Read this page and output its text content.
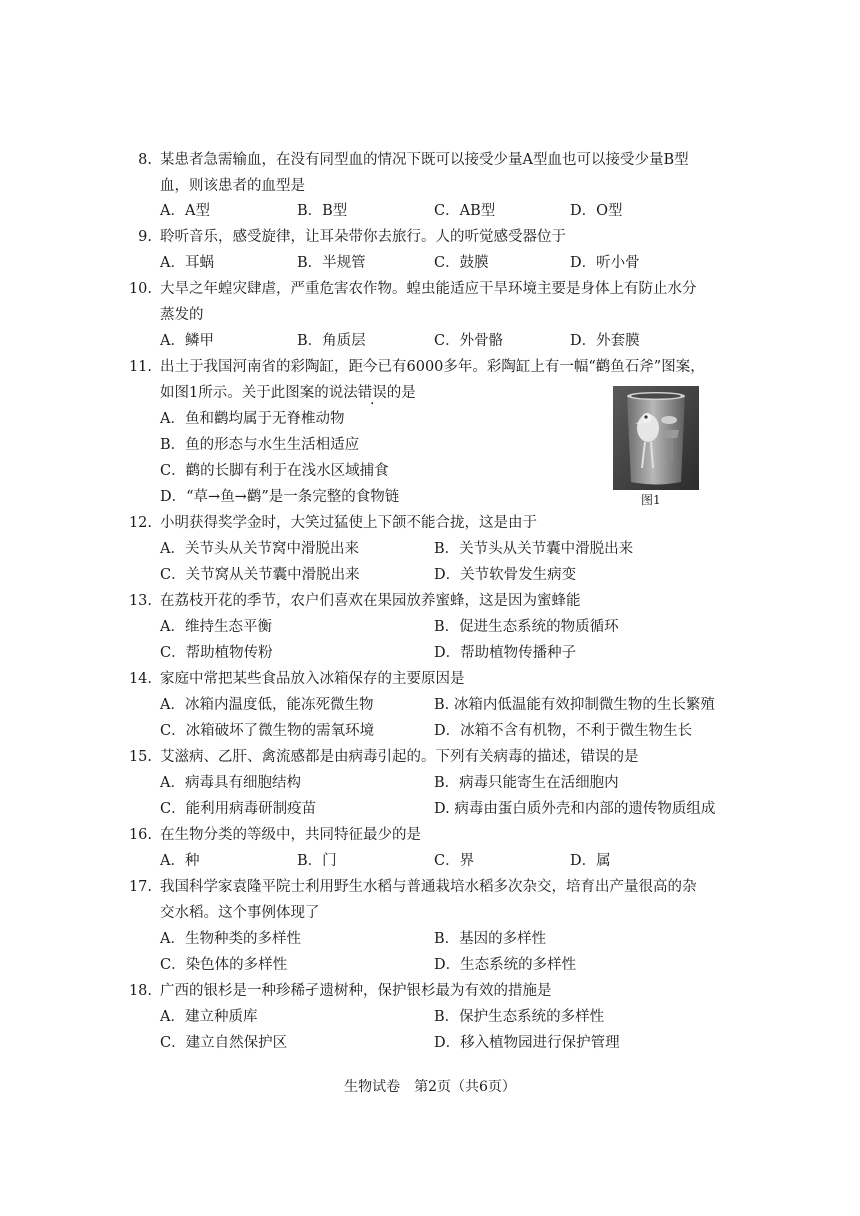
8. 某患者急需输血，在没有同型血的情况下既可以接受少量A型血也可以接受少量B型
血，则该患者的血型是
A．A型	B．B型	C．AB型	D．O型
9. 聆听音乐，感受旋律，让耳朵带你去旅行。人的听觉感受器位于
A．耳蜗	B．半规管	C．鼓膜	D．听小骨
10. 大旱之年蝗灾肆虐，严重危害农作物。蝗虫能适应干旱环境主要是身体上有防止水分
蒸发的
A．鳞甲	B．角质层	C．外骨骼	D．外套膜
11. 出土于我国河南省的彩陶缸，距今已有6000多年。彩陶缸上有一幅“鹳鱼石斧”图案，
如图1所示。关于此图案的说法错误的是
A．鱼和鹳均属于无脊椎动物
B．鱼的形态与水生生活相适应
C．鹳的长脚有利于在浅水区域捕食
D．“草→鱼→鹳”是一条完整的食物链	图1
12. 小明获得奖学金时，大笑过猛使上下颌不能合拢，这是由于
A．关节头从关节窝中滑脱出来	B．关节头从关节囊中滑脱出来
C．关节窝从关节囊中滑脱出来	D．关节软骨发生病变
13. 在荔枝开花的季节，农户们喜欢在果园放养蜜蜂，这是因为蜜蜂能
A．维持生态平衡	B．促进生态系统的物质循环
C．帮助植物传粉	D．帮助植物传播种子
14. 家庭中常把某些食品放入冰箱保存的主要原因是
A．冰箱内温度低，能冻死微生物	B. 冰箱内低温能有效抑制微生物的生长繁殖
C．冰箱破坏了微生物的需氧环境	D．冰箱不含有机物，不利于微生物生长
15. 艾滋病、乙肝、禽流感都是由病毒引起的。下列有关病毒的描述，错误的是
A．病毒具有细胞结构	B．病毒只能寄生在活细胞内
C．能利用病毒研制疫苗	D. 病毒由蛋白质外壳和内部的遗传物质组成
16. 在生物分类的等级中，共同特征最少的是
A．种	B．门	C．界	D．属
17. 我国科学家袁隆平院士利用野生水稻与普通栽培水稻多次杂交，培育出产量很高的杂
交水稻。这个事例体现了
A．生物种类的多样性	B．基因的多样性
C．染色体的多样性	D．生态系统的多样性
18. 广西的银杉是一种珍稀孑遗树种，保护银杉最为有效的措施是
A．建立种质库	B．保护生态系统的多样性
C．建立自然保护区	D．移入植物园进行保护管理
生物试卷　第2页（共6页）
